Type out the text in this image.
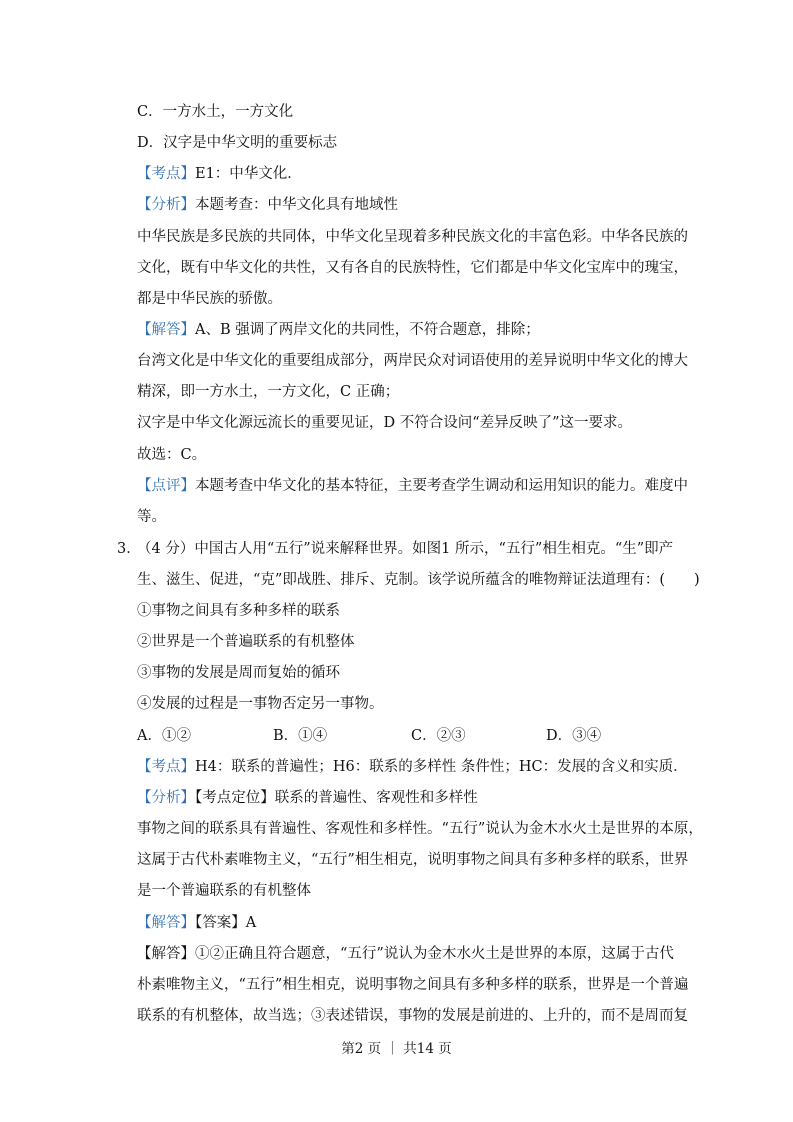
C．一方水土，一方文化
D．汉字是中华文明的重要标志
【考点】E1：中华文化．
【分析】本题考查：中华文化具有地域性
中华民族是多民族的共同体，中华文化呈现着多种民族文化的丰富色彩。中华各民族的
文化，既有中华文化的共性，又有各自的民族特性，它们都是中华文化宝库中的瑰宝，
都是中华民族的骄傲。
【解答】A、B 强调了两岸文化的共同性，不符合题意，排除；
台湾文化是中华文化的重要组成部分，两岸民众对词语使用的差异说明中华文化的博大
精深，即一方水土，一方文化，C 正确；
汉字是中华文化源远流长的重要见证，D 不符合设问“差异反映了”这一要求。
故选：C。
【点评】本题考查中华文化的基本特征，主要考查学生调动和运用知识的能力。难度中
等。
3．
（4 分）中国古人用“五行”说来解释世界。如图1 所示，“五行”相生相克。“生”即产
生、滋生、促进，“克”即战胜、排斥、克制。该学说所蕴含的唯物辩证法道理有：(　　)
①事物之间具有多种多样的联系
②世界是一个普遍联系的有机整体
③事物的发展是周而复始的循环
④发展的过程是一事物否定另一事物。
A．①②	B．①④	C．②③	D．③④
【考点】H4：联系的普遍性；H6：联系的多样性 条件性；HC：发展的含义和实质．
【分析】【考点定位】联系的普遍性、客观性和多样性
事物之间的联系具有普遍性、客观性和多样性。“五行”说认为金木水火土是世界的本原，
这属于古代朴素唯物主义，“五行”相生相克，说明事物之间具有多种多样的联系，世界
是一个普遍联系的有机整体
【解答】【答案】A
【解答】①②正确且符合题意，“五行”说认为金木水火土是世界的本原，这属于古代
朴素唯物主义，“五行”相生相克，说明事物之间具有多种多样的联系，世界是一个普遍
联系的有机整体，故当选；③表述错误，事物的发展是前进的、上升的，而不是周而复
第2 页 ｜ 共14 页
